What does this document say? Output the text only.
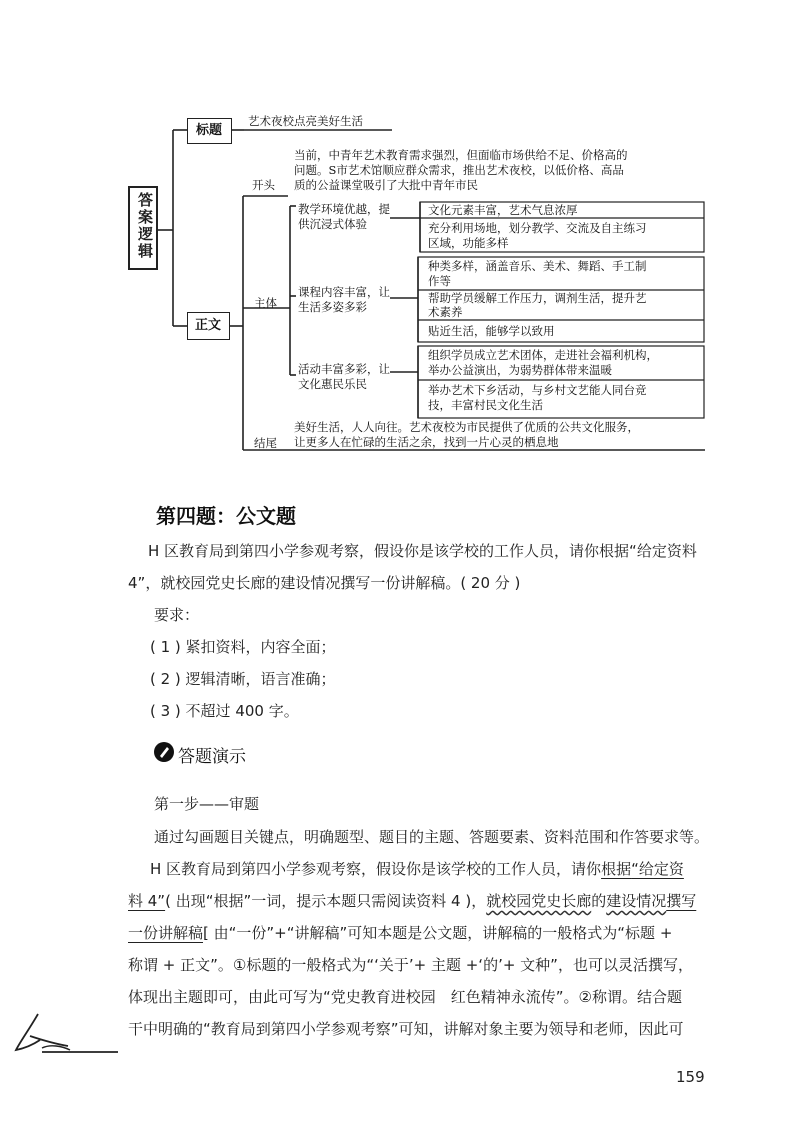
答案逻辑
标题
艺术夜校点亮美好生活
正文
开头
当前，中青年艺术教育需求强烈，但面临市场供给不足、价格高的
问题。S市艺术馆顺应群众需求，推出艺术夜校，以低价格、高品
质的公益课堂吸引了大批中青年市民
主体
教学环境优越，提
供沉浸式体验
文化元素丰富，艺术气息浓厚
充分利用场地，划分教学、交流及自主练习
区域，功能多样
课程内容丰富，让
生活多姿多彩
种类多样，涵盖音乐、美术、舞蹈、手工制
作等
帮助学员缓解工作压力，调剂生活，提升艺
术素养
贴近生活，能够学以致用
活动丰富多彩，让
文化惠民乐民
组织学员成立艺术团体，走进社会福利机构，
举办公益演出，为弱势群体带来温暖
举办艺术下乡活动，与乡村文艺能人同台竞
技，丰富村民文化生活
结尾
美好生活，人人向往。艺术夜校为市民提供了优质的公共文化服务，
让更多人在忙碌的生活之余，找到一片心灵的栖息地
第四题：公文题
H 区教育局到第四小学参观考察，假设你是该学校的工作人员，请你根据“给定资料
4”，就校园党史长廊的建设情况撰写一份讲解稿。( 20 分 )
要求：
( 1 ) 紧扣资料，内容全面；
( 2 ) 逻辑清晰，语言准确；
( 3 ) 不超过 400 字。
答题演示
第一步——审题
通过勾画题目关键点，明确题型、题目的主题、答题要素、资料范围和作答要求等。
H 区教育局到第四小学参观考察，假设你是该学校的工作人员，请你根据“给定资
料 4”( 出现“根据”一词，提示本题只需阅读资料 4 )，就校园党史长廊的建设情况撰写
一份讲解稿[ 由“一份”+“讲解稿”可知本题是公文题，讲解稿的一般格式为“标题 +
称谓 + 正文”。①标题的一般格式为“‘关于’+ 主题 +‘的’+ 文种”，也可以灵活撰写，
体现出主题即可，由此可写为“党史教育进校园　红色精神永流传”。②称谓。结合题
干中明确的“教育局到第四小学参观考察”可知，讲解对象主要为领导和老师，因此可
159
